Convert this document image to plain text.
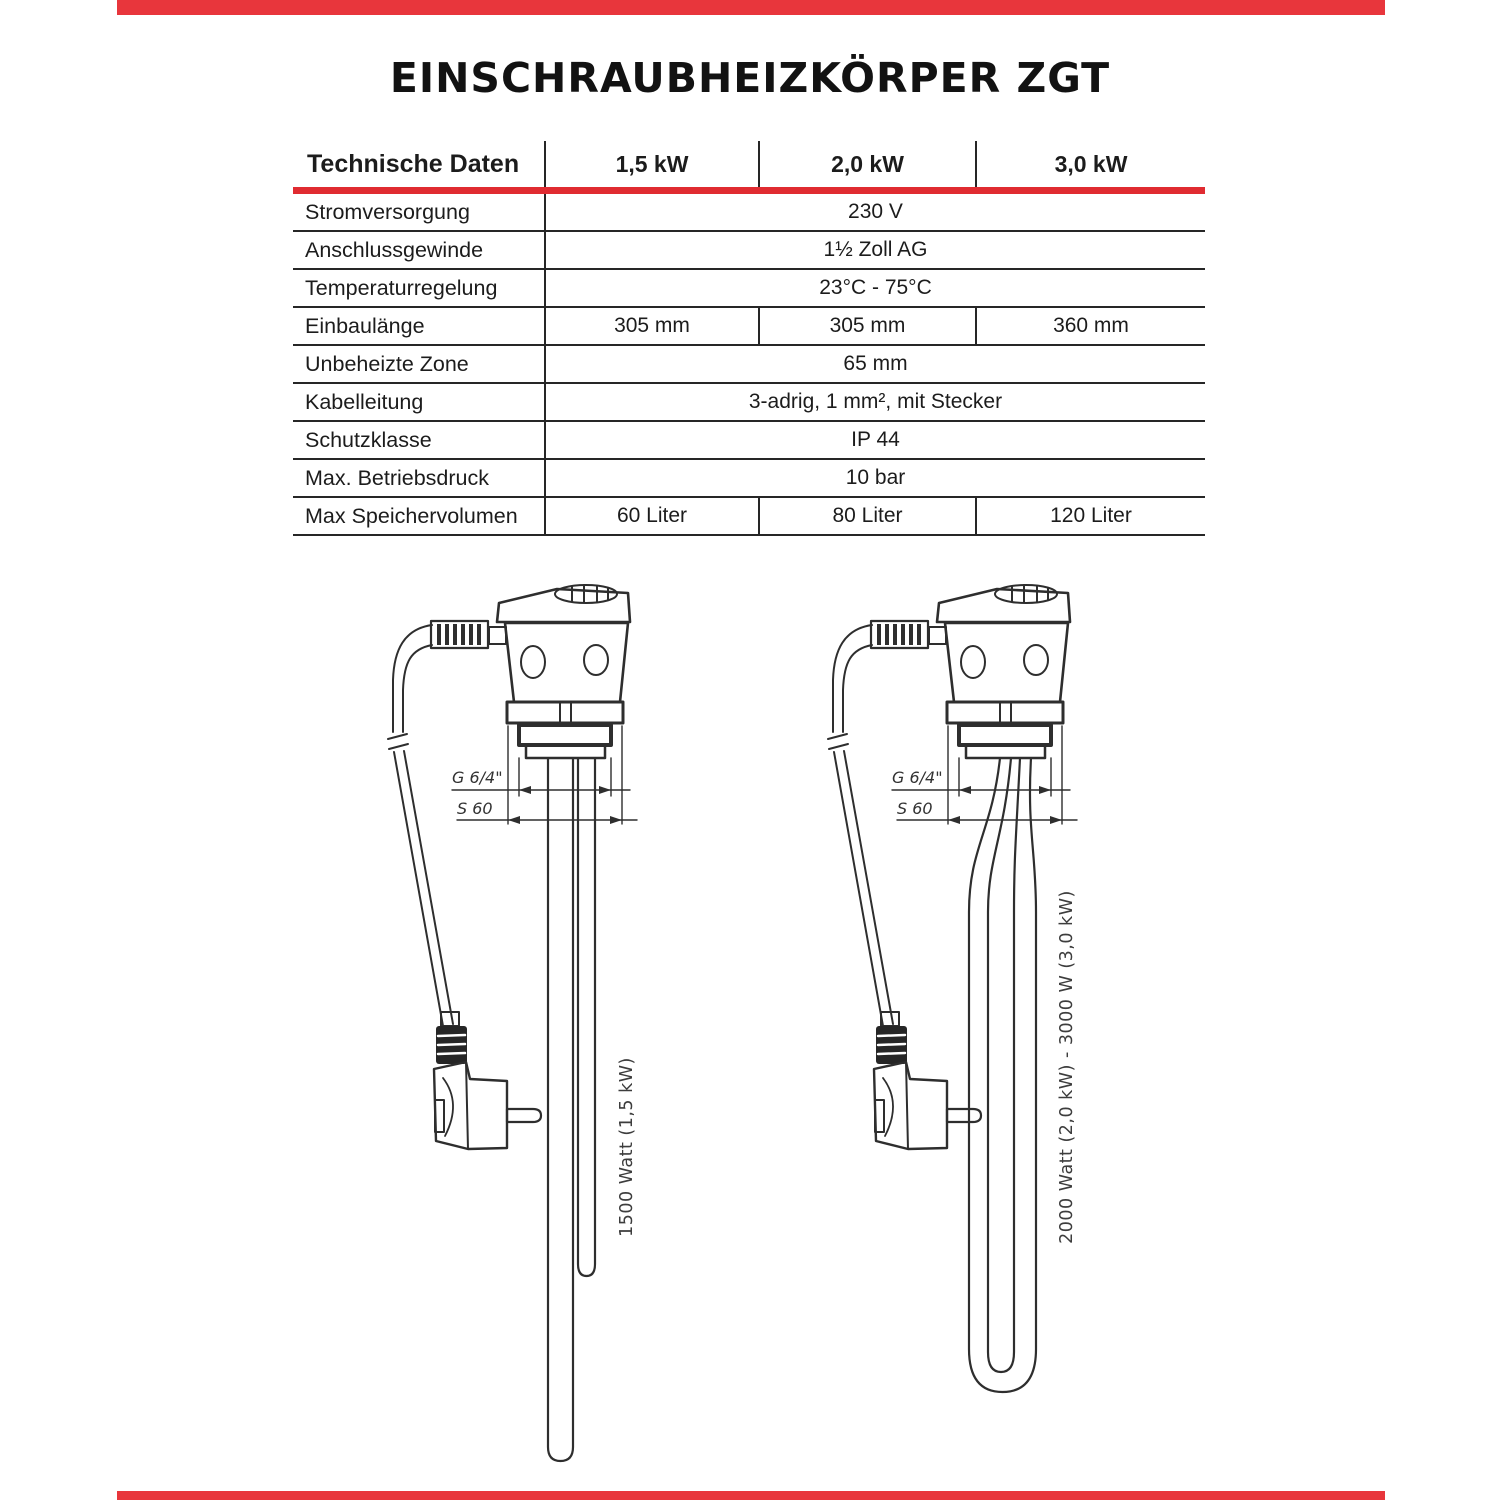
EINSCHRAUBHEIZKÖRPER ZGT
Technische Daten	1,5 kW	2,0 kW	3,0 kW
Stromversorgung	230 V		
Anschlussgewinde	1½ Zoll AG		
Temperaturregelung	23°C - 75°C		
Einbaulänge	305 mm	305 mm	360 mm
Unbeheizte Zone	65 mm		
Kabelleitung	3-adrig, 1 mm², mit Stecker		
Schutzklasse	IP 44		
Max. Betriebsdruck	10 bar		
Max Speichervolumen	60 Liter	80 Liter	120 Liter
1500 Watt (1,5 kW)	2000 Watt (2,0 kW) - 3000 W (3,0 kW)
